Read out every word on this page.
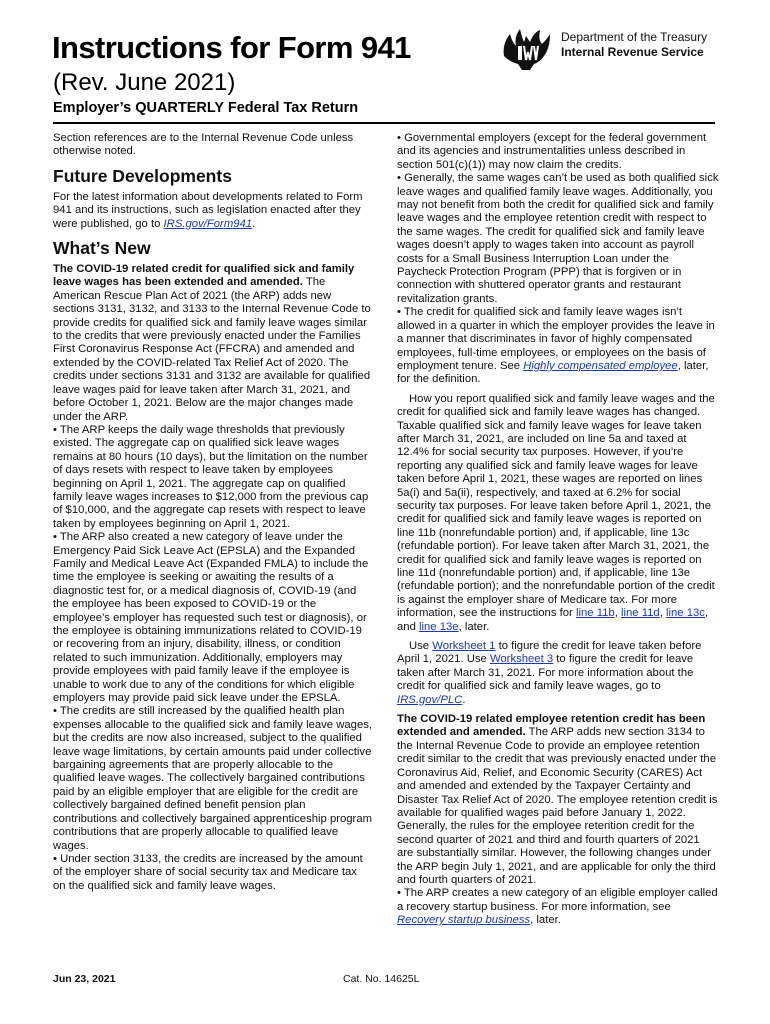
Instructions for Form 941
(Rev. June 2021)
Employer’s QUARTERLY Federal Tax Return
Department of the Treasury
Internal Revenue Service

Section references are to the Internal Revenue Code unless otherwise noted.

Future Developments

For the latest information about developments related to Form 941 and its instructions, such as legislation enacted after they were published, go to IRS.gov/Form941.

What’s New

The COVID-19 related credit for qualified sick and family leave wages has been extended and amended. The American Rescue Plan Act of 2021 (the ARP) adds new sections 3131, 3132, and 3133 to the Internal Revenue Code to provide credits for qualified sick and family leave wages similar to the credits that were previously enacted under the Families First Coronavirus Response Act (FFCRA) and amended and extended by the COVID-related Tax Relief Act of 2020. The credits under sections 3131 and 3132 are available for qualified leave wages paid for leave taken after March 31, 2021, and before October 1, 2021. Below are the major changes made under the ARP.

• The ARP keeps the daily wage thresholds that previously existed. The aggregate cap on qualified sick leave wages remains at 80 hours (10 days), but the limitation on the number of days resets with respect to leave taken by employees beginning on April 1, 2021. The aggregate cap on qualified family leave wages increases to $12,000 from the previous cap of $10,000, and the aggregate cap resets with respect to leave taken by employees beginning on April 1, 2021.

• The ARP also created a new category of leave under the Emergency Paid Sick Leave Act (EPSLA) and the Expanded Family and Medical Leave Act (Expanded FMLA) to include the time the employee is seeking or awaiting the results of a diagnostic test for, or a medical diagnosis of, COVID-19 (and the employee has been exposed to COVID-19 or the employee’s employer has requested such test or diagnosis), or the employee is obtaining immunizations related to COVID-19 or recovering from an injury, disability, illness, or condition related to such immunization. Additionally, employers may provide employees with paid family leave if the employee is unable to work due to any of the conditions for which eligible employers may provide paid sick leave under the EPSLA.

• The credits are still increased by the qualified health plan expenses allocable to the qualified sick and family leave wages, but the credits are now also increased, subject to the qualified leave wage limitations, by certain amounts paid under collective bargaining agreements that are properly allocable to the qualified leave wages. The collectively bargained contributions paid by an eligible employer that are eligible for the credit are collectively bargained defined benefit pension plan contributions and collectively bargained apprenticeship program contributions that are properly allocable to qualified leave wages.

• Under section 3133, the credits are increased by the amount of the employer share of social security tax and Medicare tax on the qualified sick and family leave wages.

• Governmental employers (except for the federal government and its agencies and instrumentalities unless described in section 501(c)(1)) may now claim the credits.

• Generally, the same wages can’t be used as both qualified sick leave wages and qualified family leave wages. Additionally, you may not benefit from both the credit for qualified sick and family leave wages and the employee retention credit with respect to the same wages. The credit for qualified sick and family leave wages doesn’t apply to wages taken into account as payroll costs for a Small Business Interruption Loan under the Paycheck Protection Program (PPP) that is forgiven or in connection with shuttered operator grants and restaurant revitalization grants.

• The credit for qualified sick and family leave wages isn’t allowed in a quarter in which the employer provides the leave in a manner that discriminates in favor of highly compensated employees, full-time employees, or employees on the basis of employment tenure. See Highly compensated employee, later, for the definition.

How you report qualified sick and family leave wages and the credit for qualified sick and family leave wages has changed. Taxable qualified sick and family leave wages for leave taken after March 31, 2021, are included on line 5a and taxed at 12.4% for social security tax purposes. However, if you’re reporting any qualified sick and family leave wages for leave taken before April 1, 2021, these wages are reported on lines 5a(i) and 5a(ii), respectively, and taxed at 6.2% for social security tax purposes. For leave taken before April 1, 2021, the credit for qualified sick and family leave wages is reported on line 11b (nonrefundable portion) and, if applicable, line 13c (refundable portion). For leave taken after March 31, 2021, the credit for qualified sick and family leave wages is reported on line 11d (nonrefundable portion) and, if applicable, line 13e (refundable portion); and the nonrefundable portion of the credit is against the employer share of Medicare tax. For more information, see the instructions for line 11b, line 11d, line 13c, and line 13e, later.

Use Worksheet 1 to figure the credit for leave taken before April 1, 2021. Use Worksheet 3 to figure the credit for leave taken after March 31, 2021. For more information about the credit for qualified sick and family leave wages, go to IRS.gov/PLC.

The COVID-19 related employee retention credit has been extended and amended. The ARP adds new section 3134 to the Internal Revenue Code to provide an employee retention credit similar to the credit that was previously enacted under the Coronavirus Aid, Relief, and Economic Security (CARES) Act and amended and extended by the Taxpayer Certainty and Disaster Tax Relief Act of 2020. The employee retention credit is available for qualified wages paid before January 1, 2022. Generally, the rules for the employee retention credit for the second quarter of 2021 and third and fourth quarters of 2021 are substantially similar. However, the following changes under the ARP begin July 1, 2021, and are applicable for only the third and fourth quarters of 2021.

• The ARP creates a new category of an eligible employer called a recovery startup business. For more information, see Recovery startup business, later.

Jun 23, 2021	Cat. No. 14625L
